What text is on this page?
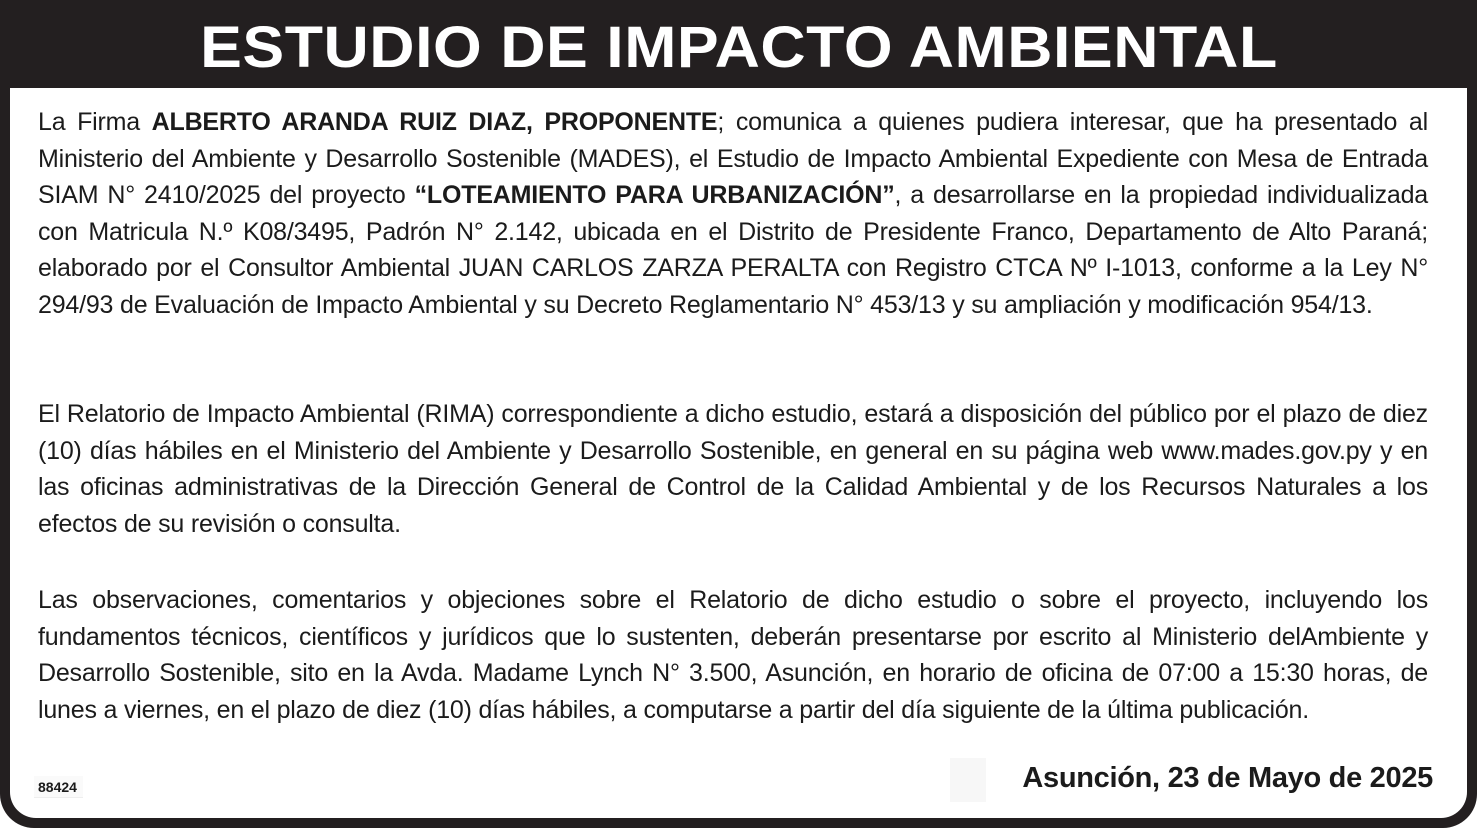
ESTUDIO DE IMPACTO AMBIENTAL

La Firma ALBERTO ARANDA RUIZ DIAZ, PROPONENTE; comunica a quienes pudiera interesar, que ha presentado al Ministerio del Ambiente y Desarrollo Sostenible (MADES), el Estudio de Impacto Ambiental Expediente con Mesa de Entrada SIAM N° 2410/2025 del proyecto “LOTEAMIENTO PARA URBANIZACIÓN”, a desarrollarse en la propiedad individualizada con Matricula N.º K08/3495, Padrón N° 2.142, ubicada en el Distrito de Presidente Franco, Departamento de Alto Paraná; elaborado por el Consultor Ambiental JUAN CARLOS ZARZA PERALTA con Registro CTCA Nº I-1013, conforme a la Ley N° 294/93 de Evaluación de Impacto Ambiental y su Decreto Reglamentario N° 453/13 y su ampliación y modificación 954/13.

El Relatorio de Impacto Ambiental (RIMA) correspondiente a dicho estudio, estará a disposición del público por el plazo de diez (10) días hábiles en el Ministerio del Ambiente y Desarrollo Sostenible, en general en su página web www.mades.gov.py y en las oficinas administrativas de la Dirección General de Control de la Calidad Ambiental y de los Recursos Naturales a los efectos de su revisión o consulta.

Las observaciones, comentarios y objeciones sobre el Relatorio de dicho estudio o sobre el proyecto, incluyendo los fundamentos técnicos, científicos y jurídicos que lo sustenten, deberán presentarse por escrito al Ministerio delAmbiente y Desarrollo Sostenible, sito en la Avda. Madame Lynch N° 3.500, Asunción, en horario de oficina de 07:00 a 15:30 horas, de lunes a viernes, en el plazo de diez (10) días hábiles, a computarse a partir del día siguiente de la última publicación.

88424	Asunción, 23 de Mayo de 2025
